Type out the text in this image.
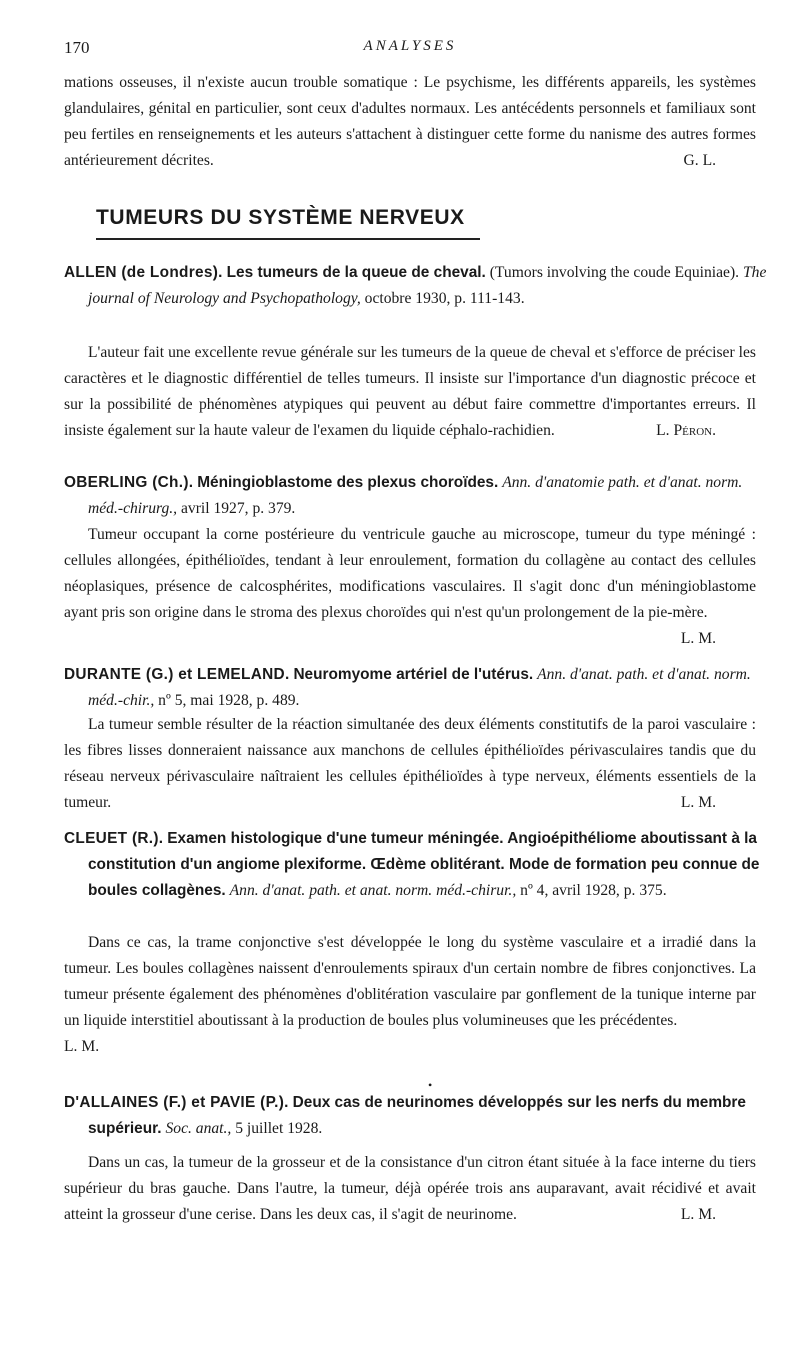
170	ANALYSES

mations osseuses, il n'existe aucun trouble somatique : Le psychisme, les différents appareils, les systèmes glandulaires, génital en particulier, sont ceux d'adultes normaux. Les antécédents personnels et familiaux sont peu fertiles en renseignements et les auteurs s'attachent à distinguer cette forme du nanisme des autres formes antérieurement décrites.	G. L.

TUMEURS DU SYSTÈME NERVEUX

ALLEN (de Londres). Les tumeurs de la queue de cheval. (Tumors involving the coude Equiniae). The journal of Neurology and Psychopathology, octobre 1930, p. 111-143.

L'auteur fait une excellente revue générale sur les tumeurs de la queue de cheval et s'efforce de préciser les caractères et le diagnostic différentiel de telles tumeurs. Il insiste sur l'importance d'un diagnostic précoce et sur la possibilité de phénomènes atypiques qui peuvent au début faire commettre d'importantes erreurs. Il insiste également sur la haute valeur de l'examen du liquide céphalo-rachidien.	L. Péron.

OBERLING (Ch.). Méningioblastome des plexus choroïdes. Ann. d'anatomie path. et d'anat. norm. méd.-chirurg., avril 1927, p. 379.

Tumeur occupant la corne postérieure du ventricule gauche au microscope, tumeur du type méningé : cellules allongées, épithélioïdes, tendant à leur enroulement, formation du collagène au contact des cellules néoplasiques, présence de calcosphérites, modifications vasculaires. Il s'agit donc d'un méningioblastome ayant pris son origine dans le stroma des plexus choroïdes qui n'est qu'un prolongement de la pie-mère.
L. M.

DURANTE (G.) et LEMELAND. Neuromyome artériel de l'utérus. Ann. d'anat. path. et d'anat. norm. méd.-chir., nº 5, mai 1928, p. 489.

La tumeur semble résulter de la réaction simultanée des deux éléments constitutifs de la paroi vasculaire : les fibres lisses donneraient naissance aux manchons de cellules épithélioïdes périvasculaires tandis que du réseau nerveux périvasculaire naîtraient les cellules épithélioïdes à type nerveux, éléments essentiels de la tumeur.	L. M.

CLEUET (R.). Examen histologique d'une tumeur méningée. Angioépithéliome aboutissant à la constitution d'un angiome plexiforme. Œdème oblitérant. Mode de formation peu connue de boules collagènes. Ann. d'anat. path. et anat. norm. méd.-chirur., nº 4, avril 1928, p. 375.

Dans ce cas, la trame conjonctive s'est développée le long du système vasculaire et a irradié dans la tumeur. Les boules collagènes naissent d'enroulements spiraux d'un certain nombre de fibres conjonctives. La tumeur présente également des phénomènes d'oblitération vasculaire par gonflement de la tunique interne par un liquide interstitiel aboutissant à la production de boules plus volumineuses que les précédentes.
L. M.

•

D'ALLAINES (F.) et PAVIE (P.). Deux cas de neurinomes développés sur les nerfs du membre supérieur. Soc. anat., 5 juillet 1928.

Dans un cas, la tumeur de la grosseur et de la consistance d'un citron étant située à la face interne du tiers supérieur du bras gauche. Dans l'autre, la tumeur, déjà opérée trois ans auparavant, avait récidivé et avait atteint la grosseur d'une cerise. Dans les deux cas, il s'agit de neurinome.	L. M.
